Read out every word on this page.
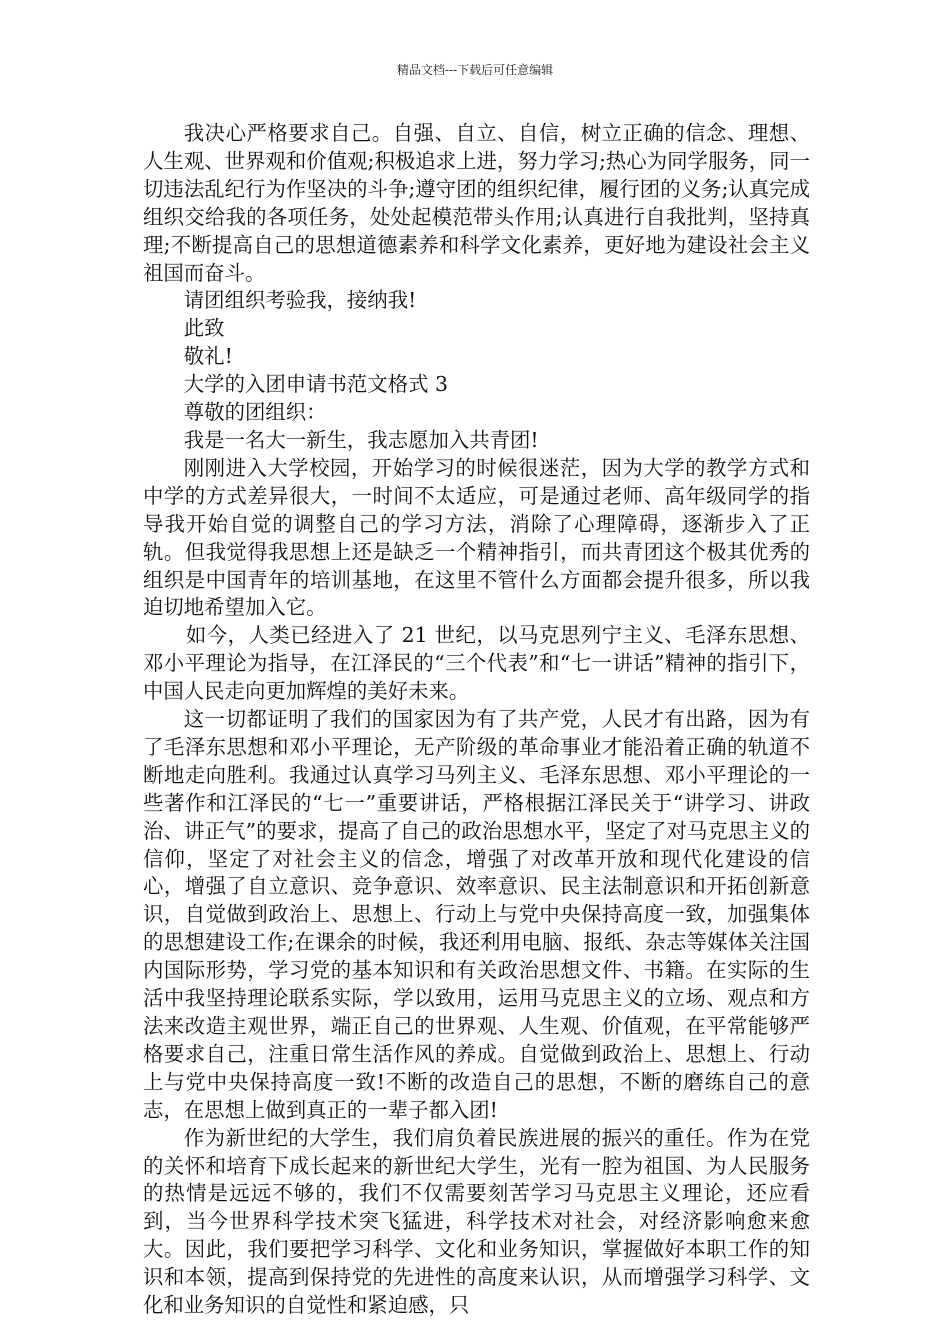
精品文档---下载后可任意编辑

我决心严格要求自己。自强、自立、自信，树立正确的信念、理想、人生观、世界观和价值观;积极追求上进，努力学习;热心为同学服务，同一切违法乱纪行为作坚决的斗争;遵守团的组织纪律，履行团的义务;认真完成组织交给我的各项任务，处处起模范带头作用;认真进行自我批判，坚持真理;不断提高自己的思想道德素养和科学文化素养，更好地为建设社会主义祖国而奋斗。

请团组织考验我，接纳我!

此致

敬礼!

大学的入团申请书范文格式 3

尊敬的团组织：

我是一名大一新生，我志愿加入共青团!

刚刚进入大学校园，开始学习的时候很迷茫，因为大学的教学方式和中学的方式差异很大，一时间不太适应，可是通过老师、高年级同学的指导我开始自觉的调整自己的学习方法，消除了心理障碍，逐渐步入了正轨。但我觉得我思想上还是缺乏一个精神指引，而共青团这个极其优秀的组织是中国青年的培训基地，在这里不管什么方面都会提升很多，所以我迫切地希望加入它。

如今，人类已经进入了 21 世纪，以马克思列宁主义、毛泽东思想、邓小平理论为指导，在江泽民的“三个代表”和“七一讲话”精神的指引下，中国人民走向更加辉煌的美好未来。

这一切都证明了我们的国家因为有了共产党，人民才有出路，因为有了毛泽东思想和邓小平理论，无产阶级的革命事业才能沿着正确的轨道不断地走向胜利。我通过认真学习马列主义、毛泽东思想、邓小平理论的一些著作和江泽民的“七一”重要讲话，严格根据江泽民关于“讲学习、讲政治、讲正气”的要求，提高了自己的政治思想水平，坚定了对马克思主义的信仰，坚定了对社会主义的信念，增强了对改革开放和现代化建设的信心，增强了自立意识、竞争意识、效率意识、民主法制意识和开拓创新意识，自觉做到政治上、思想上、行动上与党中央保持高度一致，加强集体的思想建设工作;在课余的时候，我还利用电脑、报纸、杂志等媒体关注国内国际形势，学习党的基本知识和有关政治思想文件、书籍。在实际的生活中我坚持理论联系实际，学以致用，运用马克思主义的立场、观点和方法来改造主观世界，端正自己的世界观、人生观、价值观，在平常能够严格要求自己，注重日常生活作风的养成。自觉做到政治上、思想上、行动上与党中央保持高度一致!不断的改造自己的思想，不断的磨练自己的意志，在思想上做到真正的一辈子都入团!

作为新世纪的大学生，我们肩负着民族进展的振兴的重任。作为在党的关怀和培育下成长起来的新世纪大学生，光有一腔为祖国、为人民服务的热情是远远不够的，我们不仅需要刻苦学习马克思主义理论，还应看到，当今世界科学技术突飞猛进，科学技术对社会，对经济影响愈来愈大。因此，我们要把学习科学、文化和业务知识，掌握做好本职工作的知识和本领，提高到保持党的先进性的高度来认识，从而增强学习科学、文化和业务知识的自觉性和紧迫感，只
